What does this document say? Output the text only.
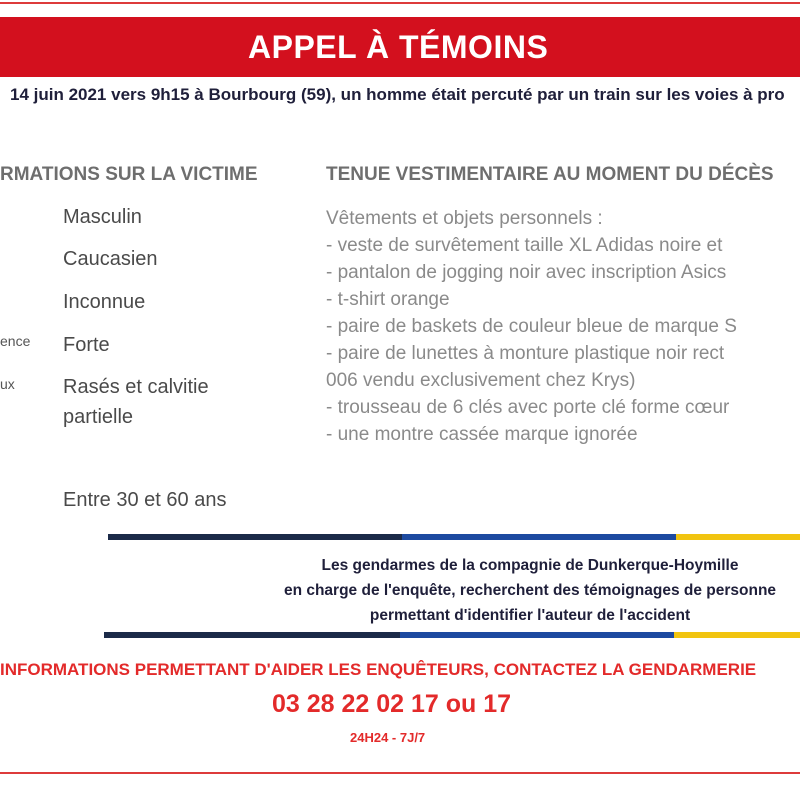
APPEL À TÉMOINS
14 juin 2021 vers 9h15 à Bourbourg (59), un homme était percuté par un train sur les voies à pro
RMATIONS SUR LA VICTIME	TENUE VESTIMENTAIRE AU MOMENT DU DÉCÈS
Masculin
Caucasien
Inconnue
ence Forte
ux Rasés et calvitie
partielle
Entre 30 et 60 ans
Vêtements et objets personnels :
- veste de survêtement taille XL Adidas noire et
- pantalon de jogging noir avec inscription Asics
- t-shirt orange
- paire de baskets de couleur bleue de marque S
- paire de lunettes à monture plastique noir rect
006 vendu exclusivement chez Krys)
- trousseau de 6 clés avec porte clé forme cœur
- une montre cassée marque ignorée
Les gendarmes de la compagnie de Dunkerque-Hoymille
en charge de l'enquête, recherchent des témoignages de personne
permettant d'identifier l'auteur de l'accident
INFORMATIONS PERMETTANT D'AIDER LES ENQUÊTEURS, CONTACTEZ LA GENDARMERIE
03 28 22 02 17 ou 17
24H24 - 7J/7
